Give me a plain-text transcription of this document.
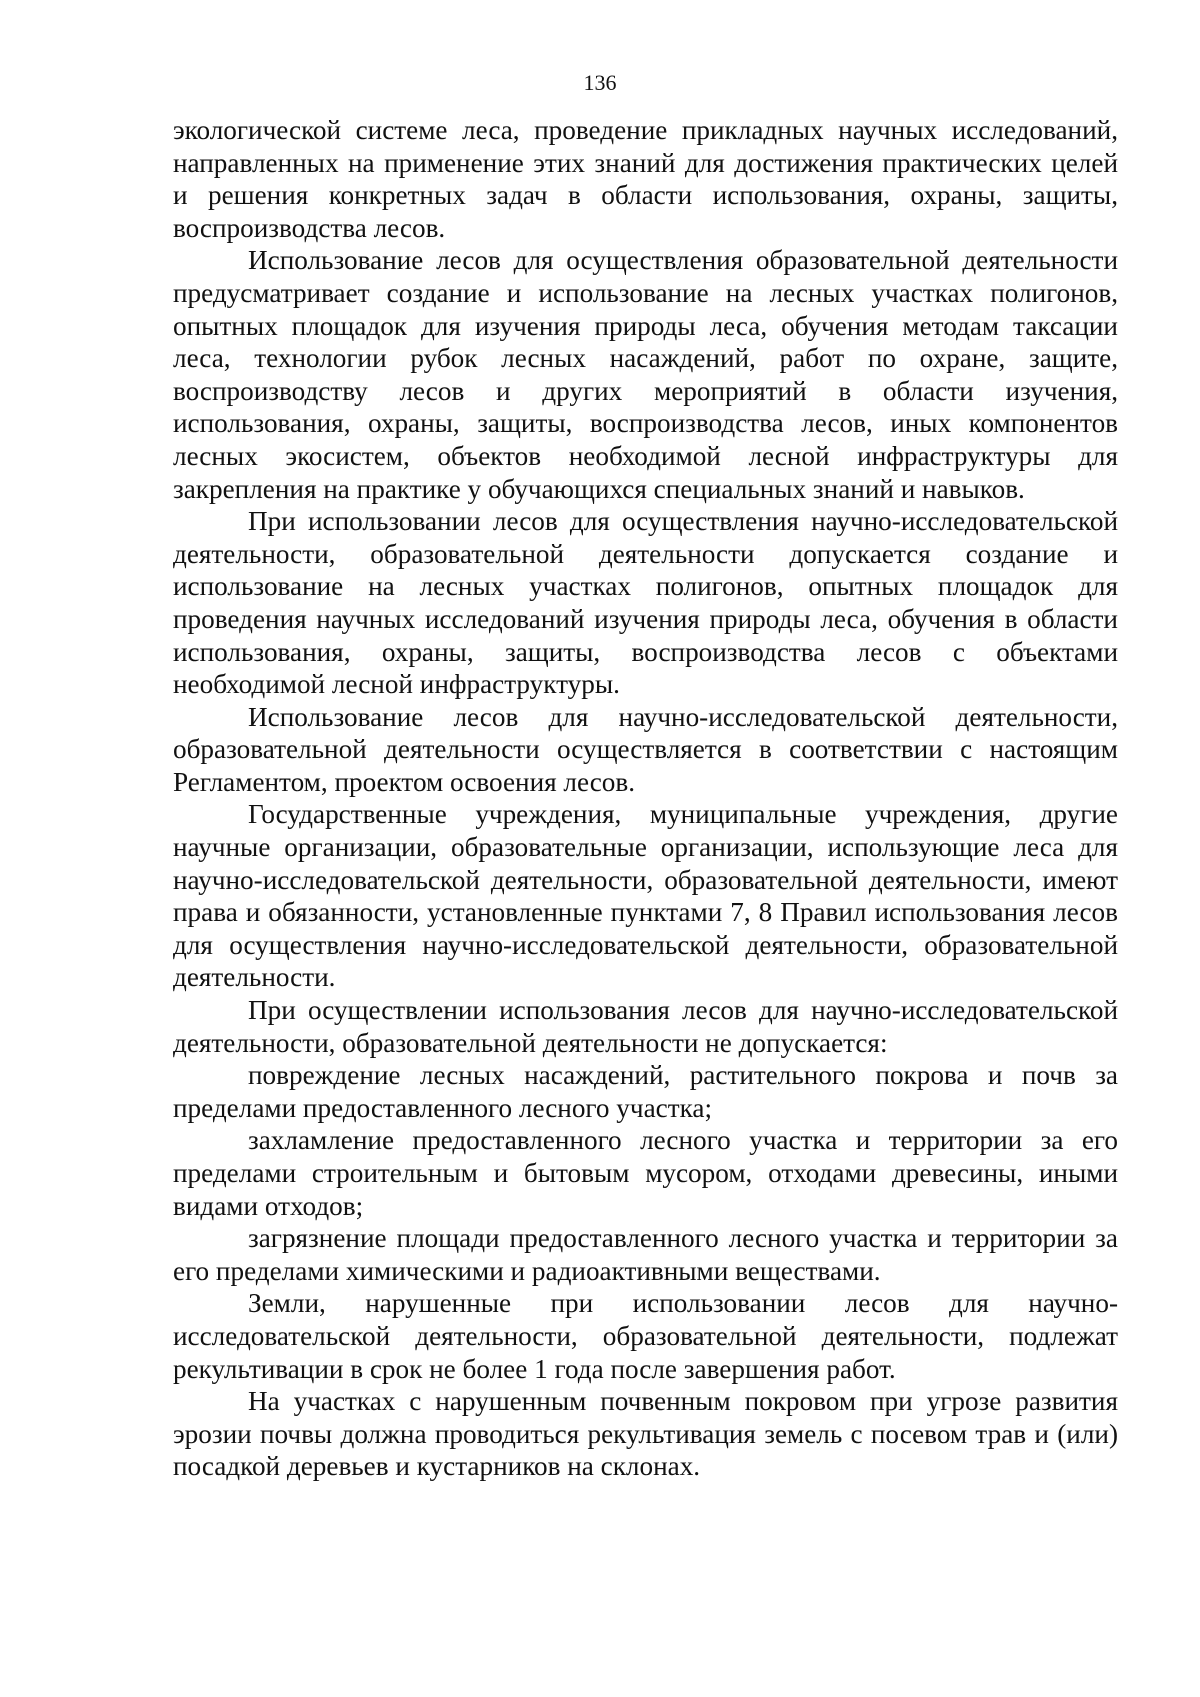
136

экологической системе леса, проведение прикладных научных исследований, направленных на применение этих знаний для достижения практических целей и решения конкретных задач в области использования, охраны, защиты, воспроизводства лесов.

Использование лесов для осуществления образовательной деятельности предусматривает создание и использование на лесных участках полигонов, опытных площадок для изучения природы леса, обучения методам таксации леса, технологии рубок лесных насаждений, работ по охране, защите, воспроизводству лесов и других мероприятий в области изучения, использования, охраны, защиты, воспроизводства лесов, иных компонентов лесных экосистем, объектов необходимой лесной инфраструктуры для закрепления на практике у обучающихся специальных знаний и навыков.

При использовании лесов для осуществления научно-исследовательской деятельности, образовательной деятельности допускается создание и использование на лесных участках полигонов, опытных площадок для проведения научных исследований изучения природы леса, обучения в области использования, охраны, защиты, воспроизводства лесов с объектами необходимой лесной инфраструктуры.

Использование лесов для научно-исследовательской деятельности, образовательной деятельности осуществляется в соответствии с настоящим Регламентом, проектом освоения лесов.

Государственные учреждения, муниципальные учреждения, другие научные организации, образовательные организации, использующие леса для научно-исследовательской деятельности, образовательной деятельности, имеют права и обязанности, установленные пунктами 7, 8 Правил использования лесов для осуществления научно-исследовательской деятельности, образовательной деятельности.

При осуществлении использования лесов для научно-исследовательской деятельности, образовательной деятельности не допускается:

повреждение лесных насаждений, растительного покрова и почв за пределами предоставленного лесного участка;

захламление предоставленного лесного участка и территории за его пределами строительным и бытовым мусором, отходами древесины, иными видами отходов;

загрязнение площади предоставленного лесного участка и территории за его пределами химическими и радиоактивными веществами.

Земли, нарушенные при использовании лесов для научно-исследовательской деятельности, образовательной деятельности, подлежат рекультивации в срок не более 1 года после завершения работ.

На участках с нарушенным почвенным покровом при угрозе развития эрозии почвы должна проводиться рекультивация земель с посевом трав и (или) посадкой деревьев и кустарников на склонах.
